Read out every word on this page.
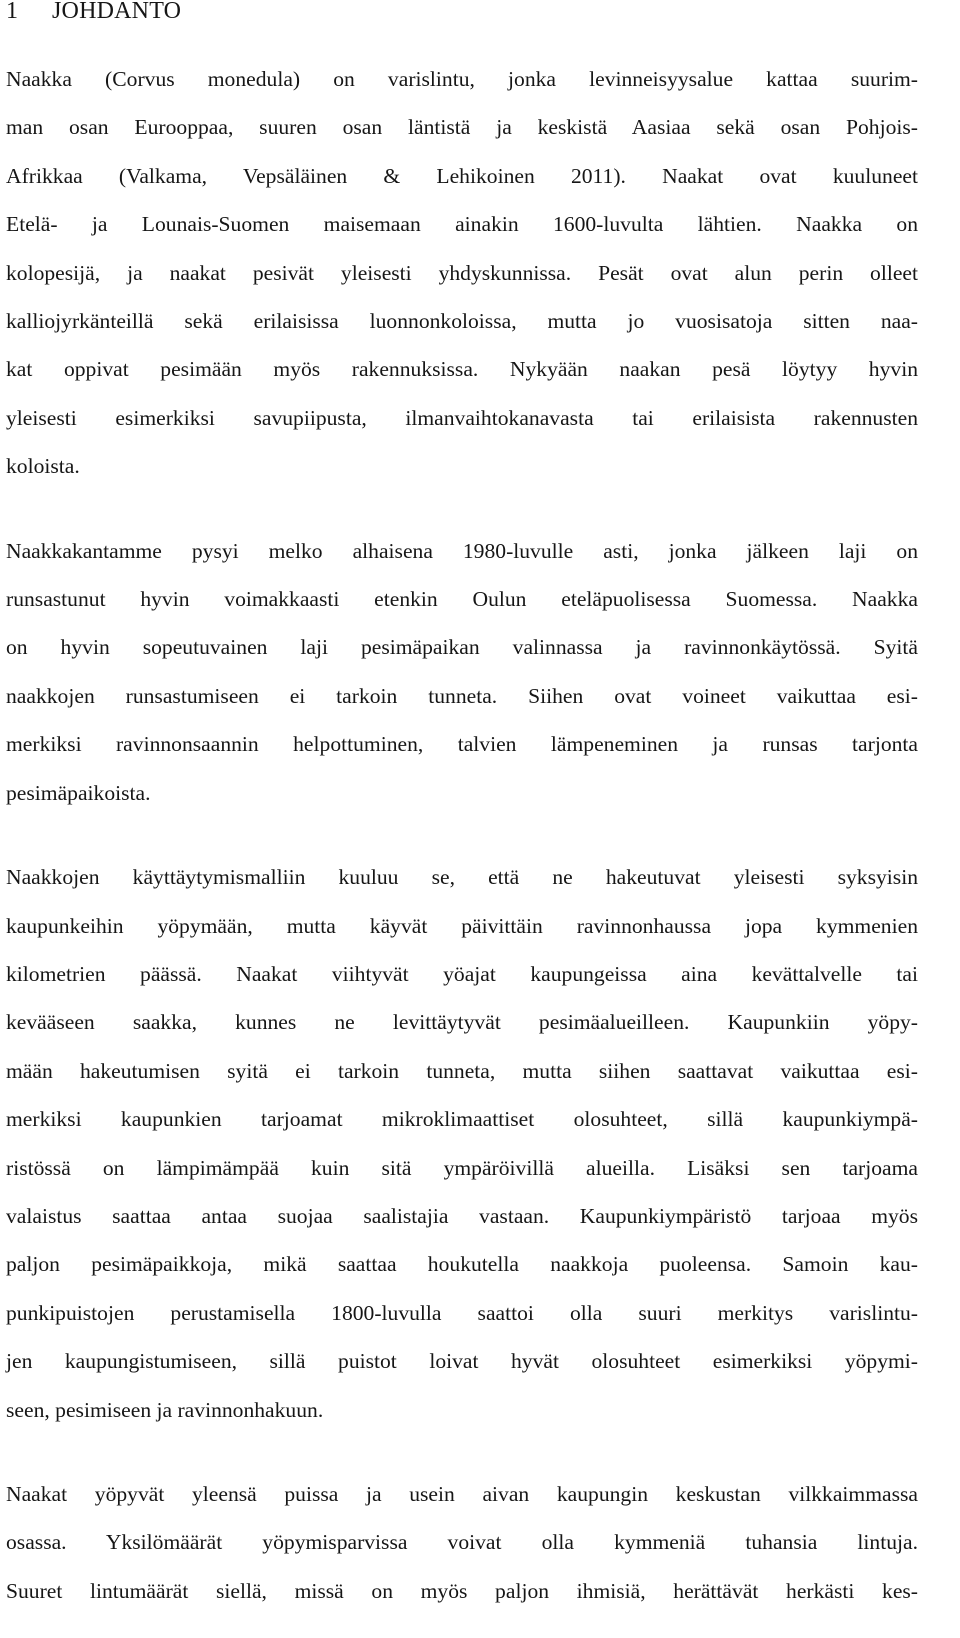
1 JOHDANTO

Naakka (Corvus monedula) on varislintu, jonka levinneisyysalue kattaa suurim-
man osan Eurooppaa, suuren osan läntistä ja keskistä Aasiaa sekä osan Pohjois-
Afrikkaa (Valkama, Vepsäläinen & Lehikoinen 2011). Naakat ovat kuuluneet
Etelä- ja Lounais-Suomen maisemaan ainakin 1600-luvulta lähtien. Naakka on
kolopesijä, ja naakat pesivät yleisesti yhdyskunnissa. Pesät ovat alun perin olleet
kalliojyrkänteillä sekä erilaisissa luonnonkoloissa, mutta jo vuosisatoja sitten naa-
kat oppivat pesimään myös rakennuksissa. Nykyään naakan pesä löytyy hyvin
yleisesti esimerkiksi savupiipusta, ilmanvaihtokanavasta tai erilaisista rakennusten
koloista.

Naakkakantamme pysyi melko alhaisena 1980-luvulle asti, jonka jälkeen laji on
runsastunut hyvin voimakkaasti etenkin Oulun eteläpuolisessa Suomessa. Naakka
on hyvin sopeutuvainen laji pesimäpaikan valinnassa ja ravinnonkäytössä. Syitä
naakkojen runsastumiseen ei tarkoin tunneta. Siihen ovat voineet vaikuttaa esi-
merkiksi ravinnonsaannin helpottuminen, talvien lämpeneminen ja runsas tarjonta
pesimäpaikoista.

Naakkojen käyttäytymismalliin kuuluu se, että ne hakeutuvat yleisesti syksyisin
kaupunkeihin yöpymään, mutta käyvät päivittäin ravinnonhaussa jopa kymmenien
kilometrien päässä. Naakat viihtyvät yöajat kaupungeissa aina kevättalvelle tai
kevääseen saakka, kunnes ne levittäytyvät pesimäalueilleen. Kaupunkiin yöpy-
mään hakeutumisen syitä ei tarkoin tunneta, mutta siihen saattavat vaikuttaa esi-
merkiksi kaupunkien tarjoamat mikroklimaattiset olosuhteet, sillä kaupunkiympä-
ristössä on lämpimämpää kuin sitä ympäröivillä alueilla. Lisäksi sen tarjoama
valaistus saattaa antaa suojaa saalistajia vastaan. Kaupunkiympäristö tarjoaa myös
paljon pesimäpaikkoja, mikä saattaa houkutella naakkoja puoleensa. Samoin kau-
punkipuistojen perustamisella 1800-luvulla saattoi olla suuri merkitys varislintu-
jen kaupungistumiseen, sillä puistot loivat hyvät olosuhteet esimerkiksi yöpymi-
seen, pesimiseen ja ravinnonhakuun.

Naakat yöpyvät yleensä puissa ja usein aivan kaupungin keskustan vilkkaimmassa
osassa. Yksilömäärät yöpymisparvissa voivat olla kymmeniä tuhansia lintuja.
Suuret lintumäärät siellä, missä on myös paljon ihmisiä, herättävät herkästi kes-
